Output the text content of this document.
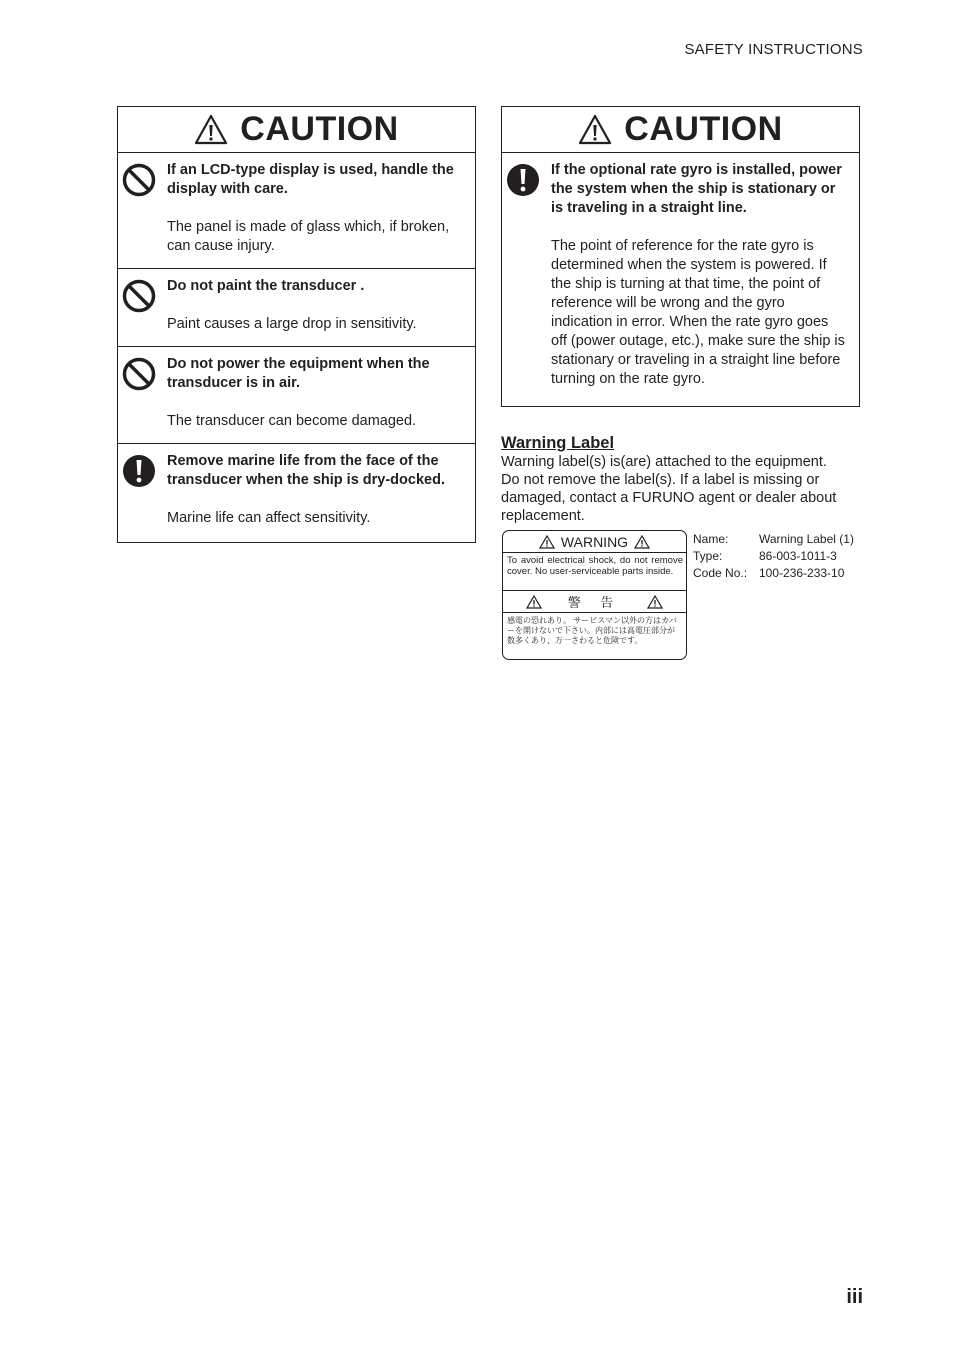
SAFETY INSTRUCTIONS
CAUTION
If an LCD-type display is used, handle the display with care.
The panel is made of glass which, if broken, can cause injury.
Do not paint the transducer .
Paint causes a large drop in sensitivity.
Do not power the equipment when the transducer is in air.
The transducer can become damaged.
Remove marine life from the face of the transducer when the ship is dry-docked.
Marine life can affect sensitivity.
CAUTION
If the optional rate gyro is installed, power the system when the ship is stationary or is traveling in a straight line.
The point of reference for the rate gyro is determined when the system is powered. If the ship is turning at that time, the point of reference will be wrong and the gyro indication in error. When the rate gyro goes off (power outage, etc.), make sure the ship is stationary or traveling in a straight line before turning on the rate gyro.
Warning Label
Warning label(s) is(are) attached to the equipment. Do not remove the label(s). If a label is missing or damaged, contact a FURUNO agent or dealer about replacement.
WARNING
To avoid electrical shock, do not remove cover. No user-serviceable parts inside.
警 告
感電の恐れあり。 サービスマン以外の方はカバーを開けないで下さい。内部には高電圧部分が数多くあり、万一さわると危険です。
Name:	Warning Label (1)
Type:	86-003-1011-3
Code No.: 100-236-233-10
iii
